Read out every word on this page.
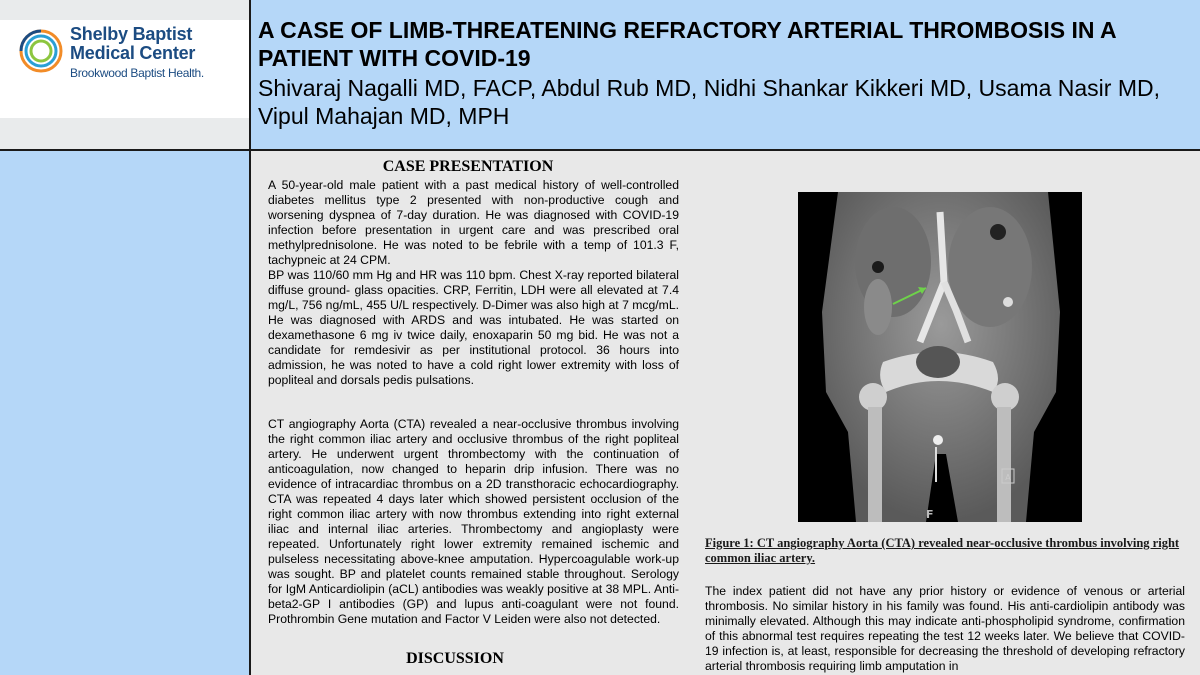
Shelby Baptist
Medical Center
Brookwood Baptist Health.
A CASE OF LIMB-THREATENING REFRACTORY ARTERIAL THROMBOSIS IN A PATIENT WITH COVID-19
Shivaraj Nagalli MD, FACP, Abdul Rub MD, Nidhi Shankar Kikkeri MD, Usama Nasir MD, Vipul Mahajan MD, MPH
CASE PRESENTATION

A 50-year-old male patient with a past medical history of well-controlled diabetes mellitus type 2 presented with non-productive cough and worsening dyspnea of 7-day duration. He was diagnosed with COVID-19 infection before presentation in urgent care and was prescribed oral methylprednisolone. He was noted to be febrile with a temp of 101.3 F, tachypneic at 24 CPM.

BP was 110/60 mm Hg and HR was 110 bpm. Chest X-ray reported bilateral diffuse ground- glass opacities. CRP, Ferritin, LDH were all elevated at 7.4 mg/L, 756 ng/mL, 455 U/L respectively. D-Dimer was also high at 7 mcg/mL. He was diagnosed with ARDS and was intubated. He was started on dexamethasone 6 mg iv twice daily, enoxaparin 50 mg bid. He was not a candidate for remdesivir as per institutional protocol. 36 hours into admission, he was noted to have a cold right lower extremity with loss of popliteal and dorsals pedis pulsations.

CT angiography Aorta (CTA) revealed a near-occlusive thrombus involving the right common iliac artery and occlusive thrombus of the right popliteal artery. He underwent urgent thrombectomy with the continuation of anticoagulation, now changed to heparin drip infusion. There was no evidence of intracardiac thrombus on a 2D transthoracic echocardiography. CTA was repeated 4 days later which showed persistent occlusion of the right common iliac artery with now thrombus extending into right external iliac and internal iliac arteries. Thrombectomy and angioplasty were repeated. Unfortunately right lower extremity remained ischemic and pulseless necessitating above-knee amputation. Hypercoagulable work-up was sought. BP and platelet counts remained stable throughout. Serology for IgM Anticardiolipin (aCL) antibodies was weakly positive at 38 MPL. Anti-beta2-GP I antibodies (GP) and lupus anti-coagulant were not found. Prothrombin Gene mutation and Factor V Leiden were also not detected.

DISCUSSION
A
F
Figure 1: CT angiography Aorta (CTA) revealed near-occlusive thrombus involving right common iliac artery.

The index patient did not have any prior history or evidence of venous or arterial thrombosis. No similar history in his family was found. His anti-cardiolipin antibody was minimally elevated. Although this may indicate anti-phospholipid syndrome, confirmation of this abnormal test requires repeating the test 12 weeks later. We believe that COVID-19 infection is, at least, responsible for decreasing the threshold of developing refractory arterial thrombosis requiring limb amputation in
